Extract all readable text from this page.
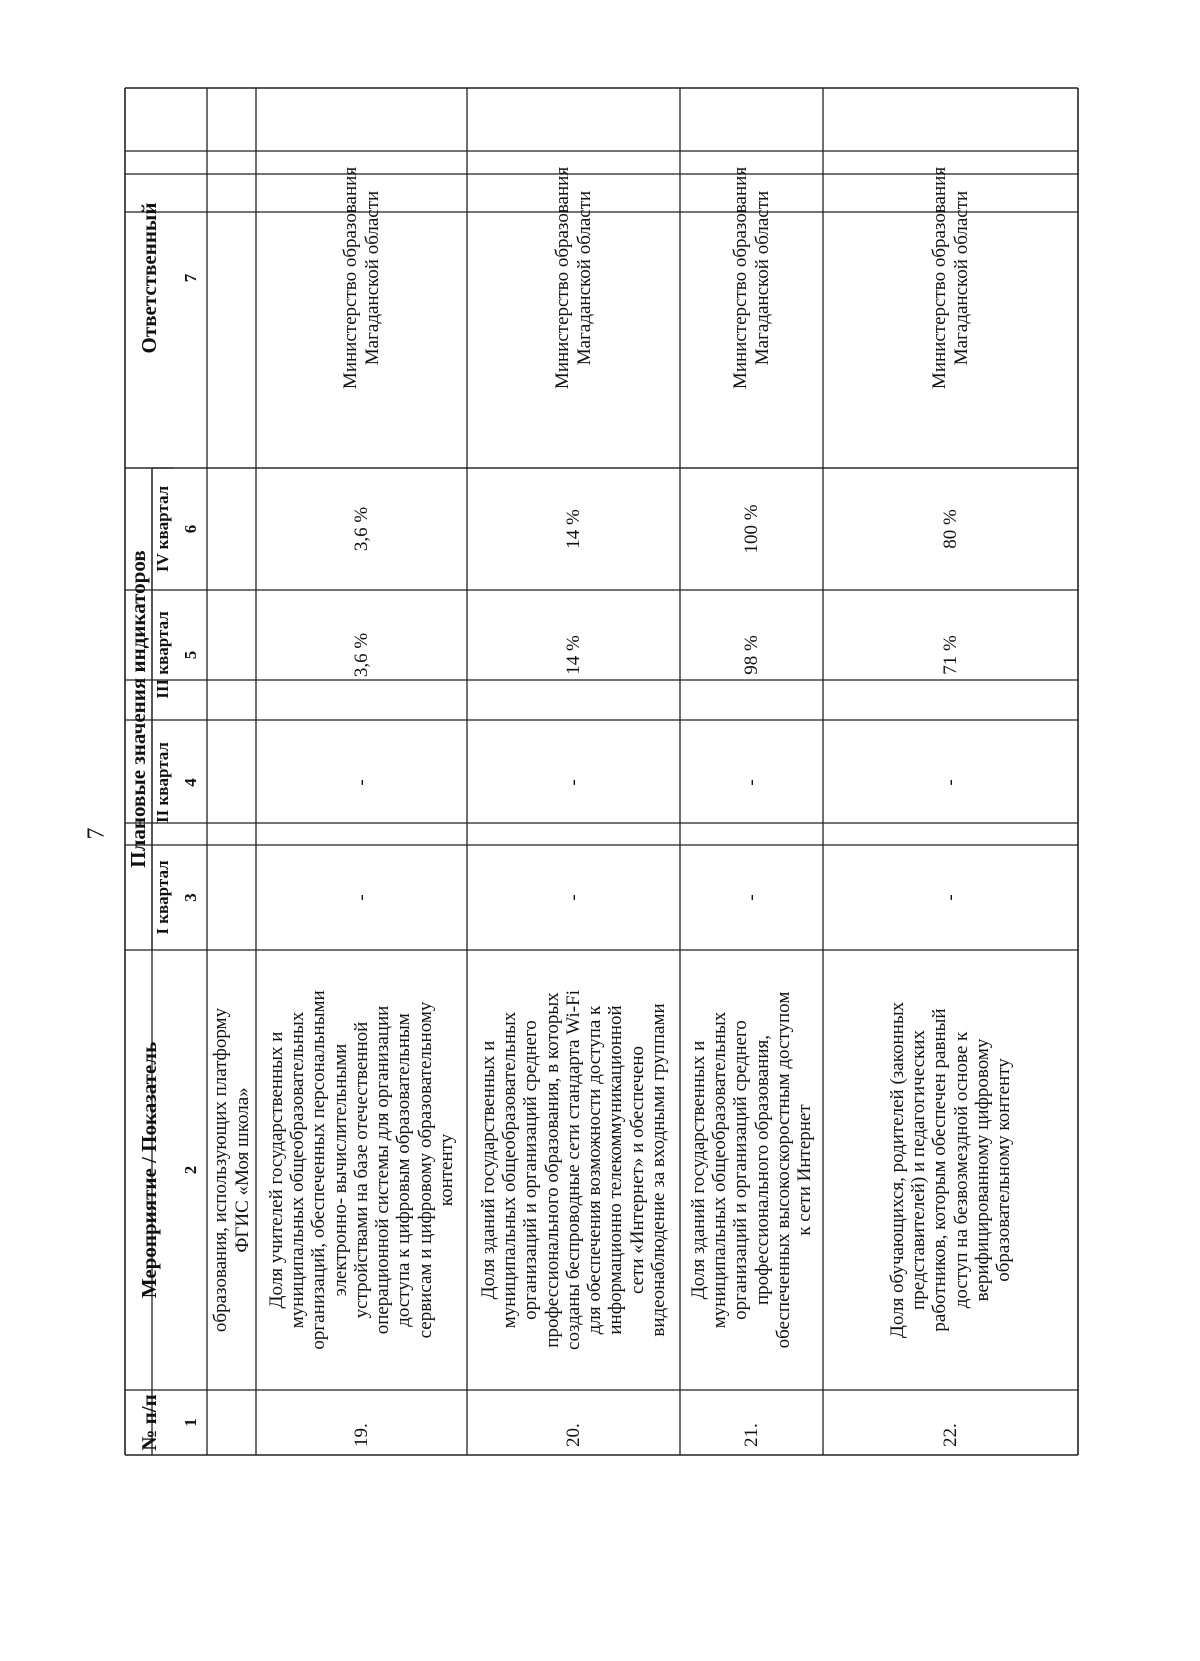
7
№ п/п
Мероприятие / Показатель
Плановые значения индикаторов
I квартал
II квартал
III квартал
IV квартал
Ответственный
1
2
3
4
5
6
7
образования, использующих платформу ФГИС «Моя школа»
19.
Доля учителей государственных и муниципальных общеобразовательных организаций, обеспеченных персональными электронно- вычислительными устройствами на базе отечественной операционной системы для организации доступа к цифровым образовательным сервисам и цифровому образовательному контенту
-
-
3,6 %
3,6 %
Министерство образования Магаданской области
20.
Доля зданий государственных и муниципальных общеобразовательных организаций и организаций среднего профессионального образования, в которых созданы беспроводные сети стандарта Wi-Fi для обеспечения возможности доступа к информационно телекоммуникационной сети «Интернет» и обеспечено видеонаблюдение за входными группами
-
-
14 %
14 %
Министерство образования Магаданской области
21.
Доля зданий государственных и муниципальных общеобразовательных организаций и организаций среднего профессионального образования, обеспеченных высокоскоростным доступом к сети Интернет
-
-
98 %
100 %
Министерство образования Магаданской области
22.
Доля обучающихся, родителей (законных представителей) и педагогических работников, которым обеспечен равный доступ на безвозмездной основе к верифицированному цифровому образовательному контенту
-
-
71 %
80 %
Министерство образования Магаданской области
